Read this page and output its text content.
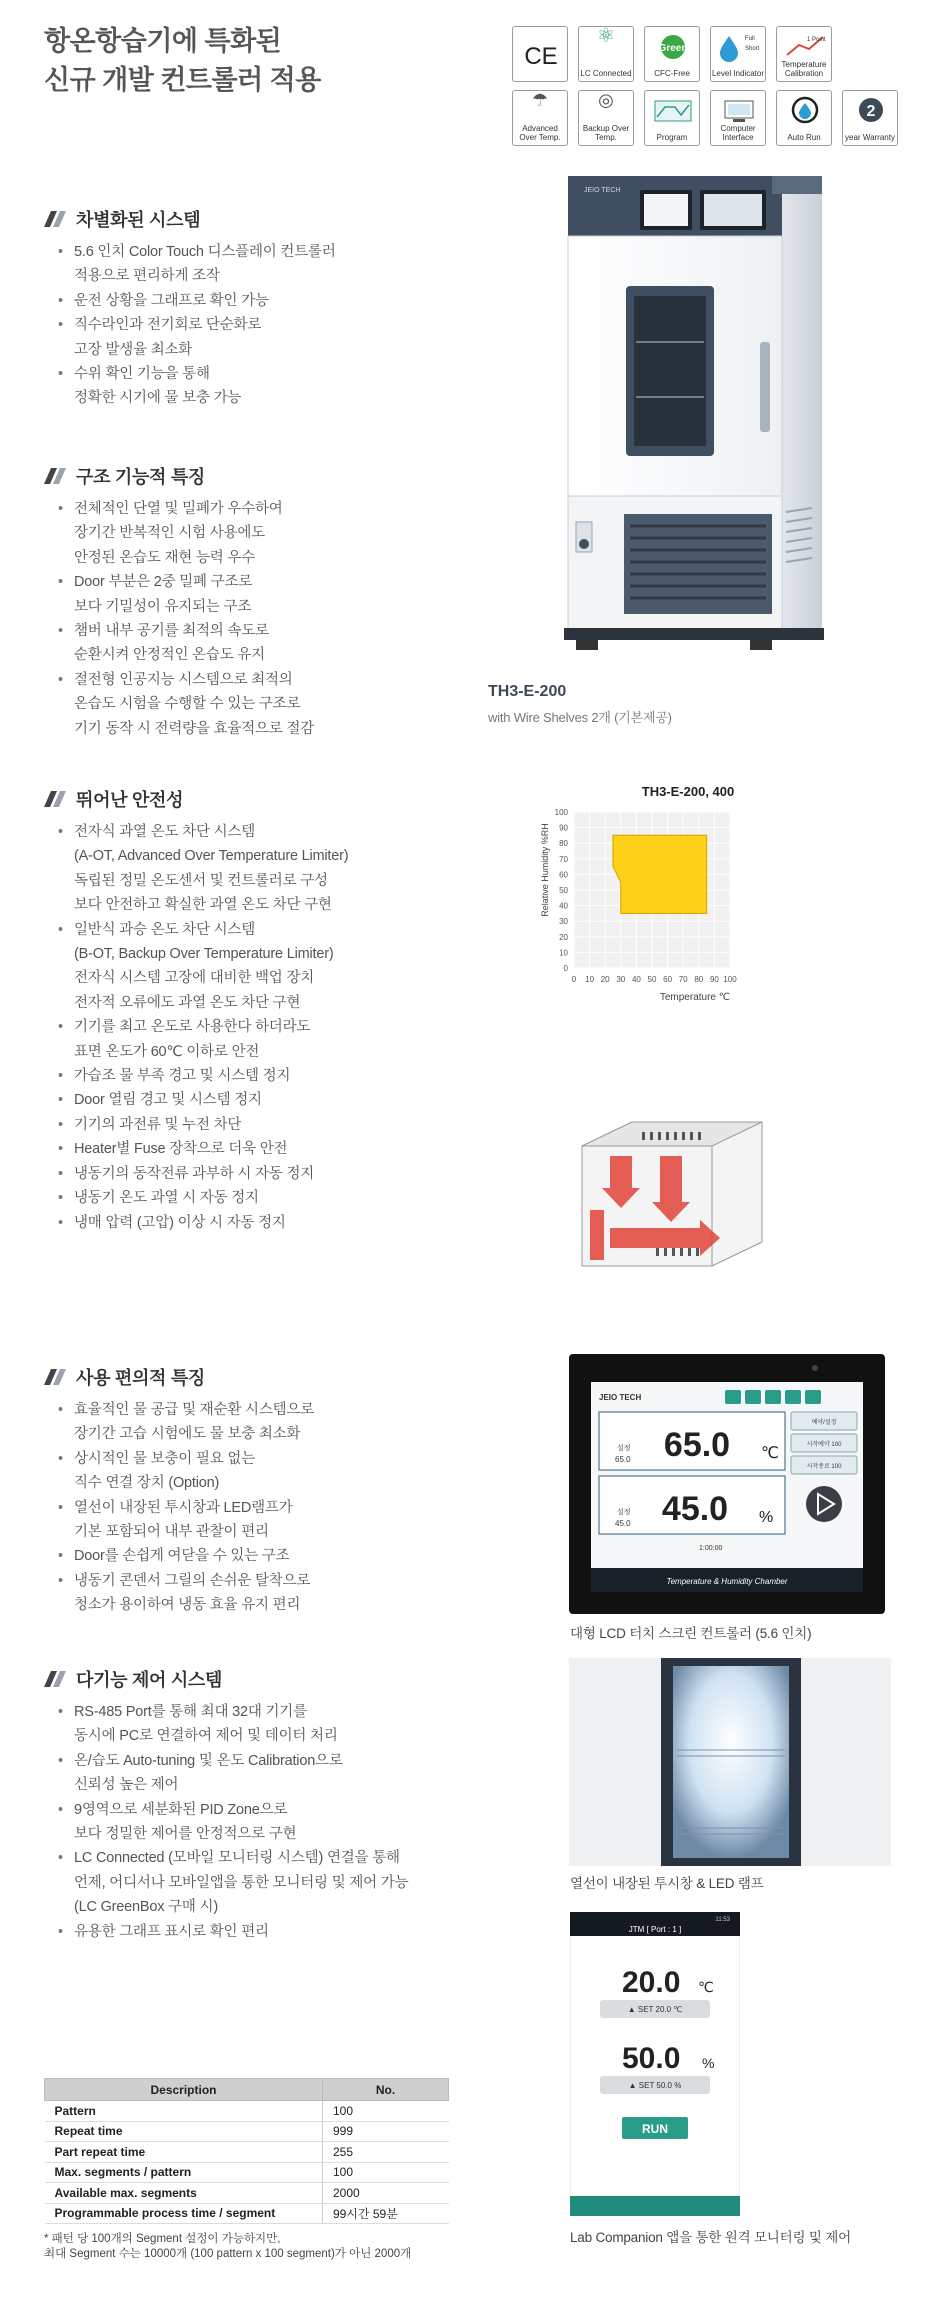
항온항습기에 특화된
신규 개발 컨트롤러 적용
CE
⚛
LC Connected
Green
CFC-Free
Full
Short
Level Indicator
1 Point
Temperature Calibration
☂
Advanced Over Temp.
◎
Backup Over Temp.	Program
Computer Interface	Auto Run
2
year Warranty
JEIO TECH
TH3-E-200
with Wire Shelves 2개 (기본제공)
차별화된 시스템
• 5.6 인치 Color Touch 디스플레이 컨트롤러
적용으로 편리하게 조작
• 운전 상황을 그래프로 확인 가능
• 직수라인과 전기회로 단순화로
고장 발생율 최소화
• 수위 확인 기능을 통해
정확한 시기에 물 보충 가능
구조 기능적 특징
• 전체적인 단열 및 밀폐가 우수하여
장기간 반복적인 시험 사용에도
안정된 온습도 재현 능력 우수
• Door 부분은 2중 밀폐 구조로
보다 기밀성이 유지되는 구조
• 챔버 내부 공기를 최적의 속도로
순환시켜 안정적인 온습도 유지
• 절전형 인공지능 시스템으로 최적의
온습도 시험을 수행할 수 있는 구조로
기기 동작 시 전력량을 효율적으로 절감
뛰어난 안전성
• 전자식 과열 온도 차단 시스템
(A-OT, Advanced Over Temperature Limiter)
독립된 정밀 온도센서 및 컨트롤러로 구성
보다 안전하고 확실한 과열 온도 차단 구현
• 일반식 과승 온도 차단 시스템
(B-OT, Backup Over Temperature Limiter)
전자식 시스템 고장에 대비한 백업 장치
전자적 오류에도 과열 온도 차단 구현
• 기기를 최고 온도로 사용한다 하더라도
표면 온도가 60℃ 이하로 안전
• 가습조 물 부족 경고 및 시스템 정지
• Door 열림 경고 및 시스템 정지
• 기기의 과전류 및 누전 차단
• Heater별 Fuse 장착으로 더욱 안전
• 냉동기의 동작전류 과부하 시 자동 정지
• 냉동기 온도 과열 시 자동 정지
• 냉매 압력 (고압) 이상 시 자동 정지
사용 편의적 특징
• 효율적인 물 공급 및 재순환 시스템으로
장기간 고습 시험에도 물 보충 최소화
• 상시적인 물 보충이 필요 없는
직수 연결 장치 (Option)
• 열선이 내장된 투시창과 LED램프가
기본 포함되어 내부 관찰이 편리
• Door를 손쉽게 여닫을 수 있는 구조
• 냉동기 콘덴서 그릴의 손쉬운 탈착으로
청소가 용이하여 냉동 효율 유지 편리
다기능 제어 시스템
• RS-485 Port를 통해 최대 32대 기기를
동시에 PC로 연결하여 제어 및 데이터 처리
• 온/습도 Auto-tuning 및 온도 Calibration으로
신뢰성 높은 제어
• 9영역으로 세분화된 PID Zone으로
보다 정밀한 제어를 안정적으로 구현
• LC Connected (모바일 모니터링 시스템) 연결을 통해
언제, 어디서나 모바일앱을 통한 모니터링 및 제어 가능
(LC GreenBox 구매 시)
• 유용한 그래프 표시로 확인 편리
TH3-E-200, 400
0 10 20 30 40 50 60 70 80 90 100
0
10
20
30
40
50
60
70
80
90
100
Temperature ℃
Relative Humidity %RH
JEIO TECH
설정
65.0 65.0 ℃
설정
45.0 45.0 %
예약/설정
시작예약 100
시작종료 100
1:00:00
Temperature & Humidity Chamber
대형 LCD 터치 스크린 컨트롤러 (5.6 인치)
열선이 내장된 투시창 & LED 램프
11:53
JTM [ Port : 1 ]
20.0 ℃
▲ SET 20.0 ℃
50.0 %
▲ SET 50.0 %
RUN
Lab Companion 앱을 통한 원격 모니터링 및 제어
Description	No.
Pattern	100
Repeat time	999
Part repeat time	255
Max. segments / pattern	100
Available max. segments	2000
Programmable process time / segment	99시간 59분
* 패턴 당 100개의 Segment 설정이 가능하지만,
최대 Segment 수는 10000개 (100 pattern x 100 segment)가 아닌 2000개
